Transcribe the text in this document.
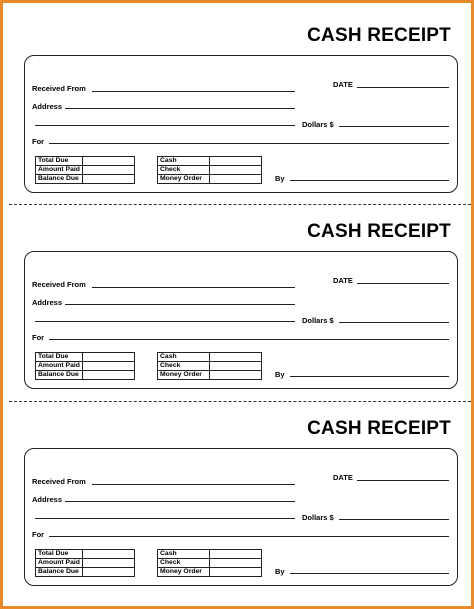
CASH RECEIPT
Received From	DATE
Address
Dollars $
For
Total Due	
Amount Paid	
Balance Due	
Cash	
Check	
Money Order		By
CASH RECEIPT
Received From	DATE
Address
Dollars $
For
Total Due	
Amount Paid	
Balance Due	
Cash	
Check	
Money Order		By
CASH RECEIPT
Received From	DATE
Address
Dollars $
For
Total Due	
Amount Paid	
Balance Due	
Cash	
Check	
Money Order		By
